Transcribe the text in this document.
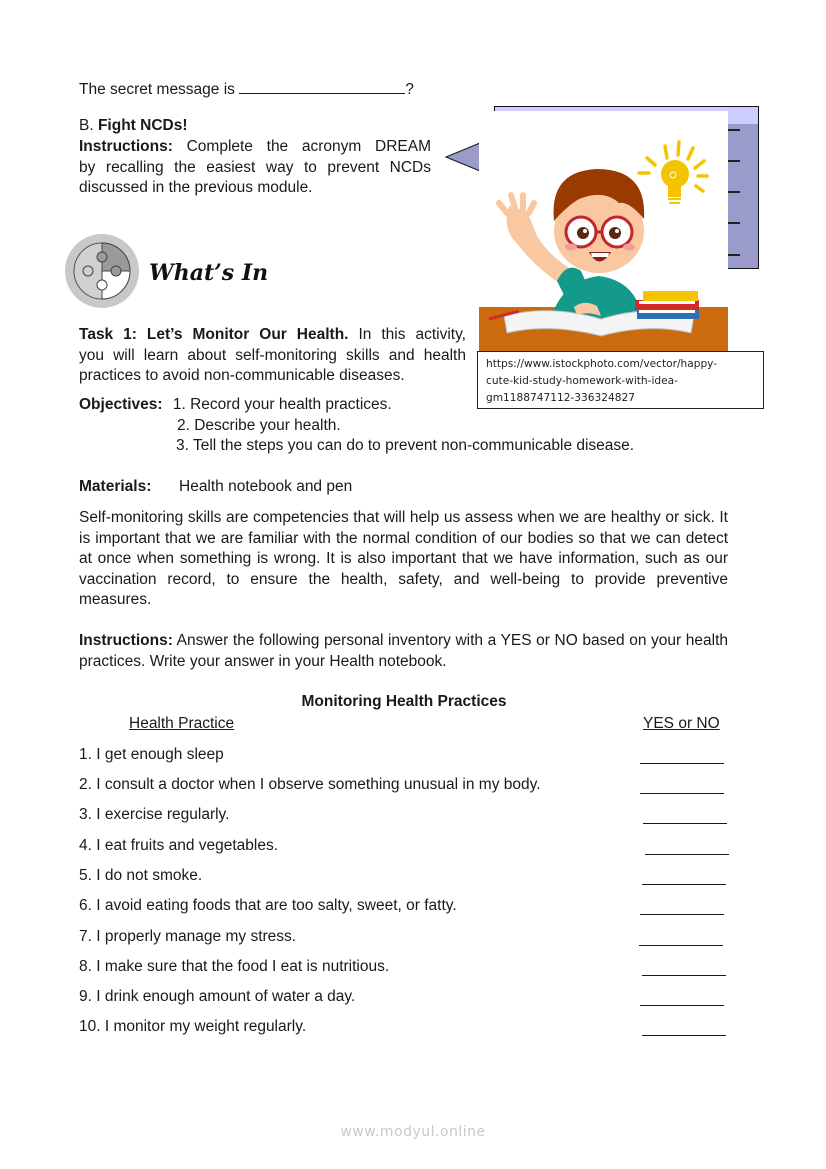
The secret message is	?
B. Fight NCDs!
Instructions: Complete the acronym DREAM
by recalling the easiest way to prevent NCDs
discussed in the previous module.
https://www.istockphoto.com/vector/happy-
cute-kid-study-homework-with-idea-
gm1188747112-336324827
What’s In
Task 1: Let’s Monitor Our Health. In this activity,
you will learn about self-monitoring skills and health
practices to avoid non-communicable diseases.
Objectives: 1. Record your health practices.
2. Describe your health.
3. Tell the steps you can do to prevent non-communicable disease.
Materials: Health notebook and pen
Self-monitoring skills are competencies that will help us assess when we are healthy or sick. It is important that we are familiar with the normal condition of our bodies so that we can detect at once when something is wrong. It is also important that we have information, such as our vaccination record, to ensure the health, safety, and well-being to provide preventive measures.
Instructions: Answer the following personal inventory with a YES or NO based on your health practices. Write your answer in your Health notebook.
Monitoring Health Practices
Health Practice	YES or NO
1. I get enough sleep
2. I consult a doctor when I observe something unusual in my body.
3. I exercise regularly.
4. I eat fruits and vegetables.
5. I do not smoke.
6. I avoid eating foods that are too salty, sweet, or fatty.
7. I properly manage my stress.
8. I make sure that the food I eat is nutritious.
9. I drink enough amount of water a day.
10. I monitor my weight regularly.
www.modyul.online
